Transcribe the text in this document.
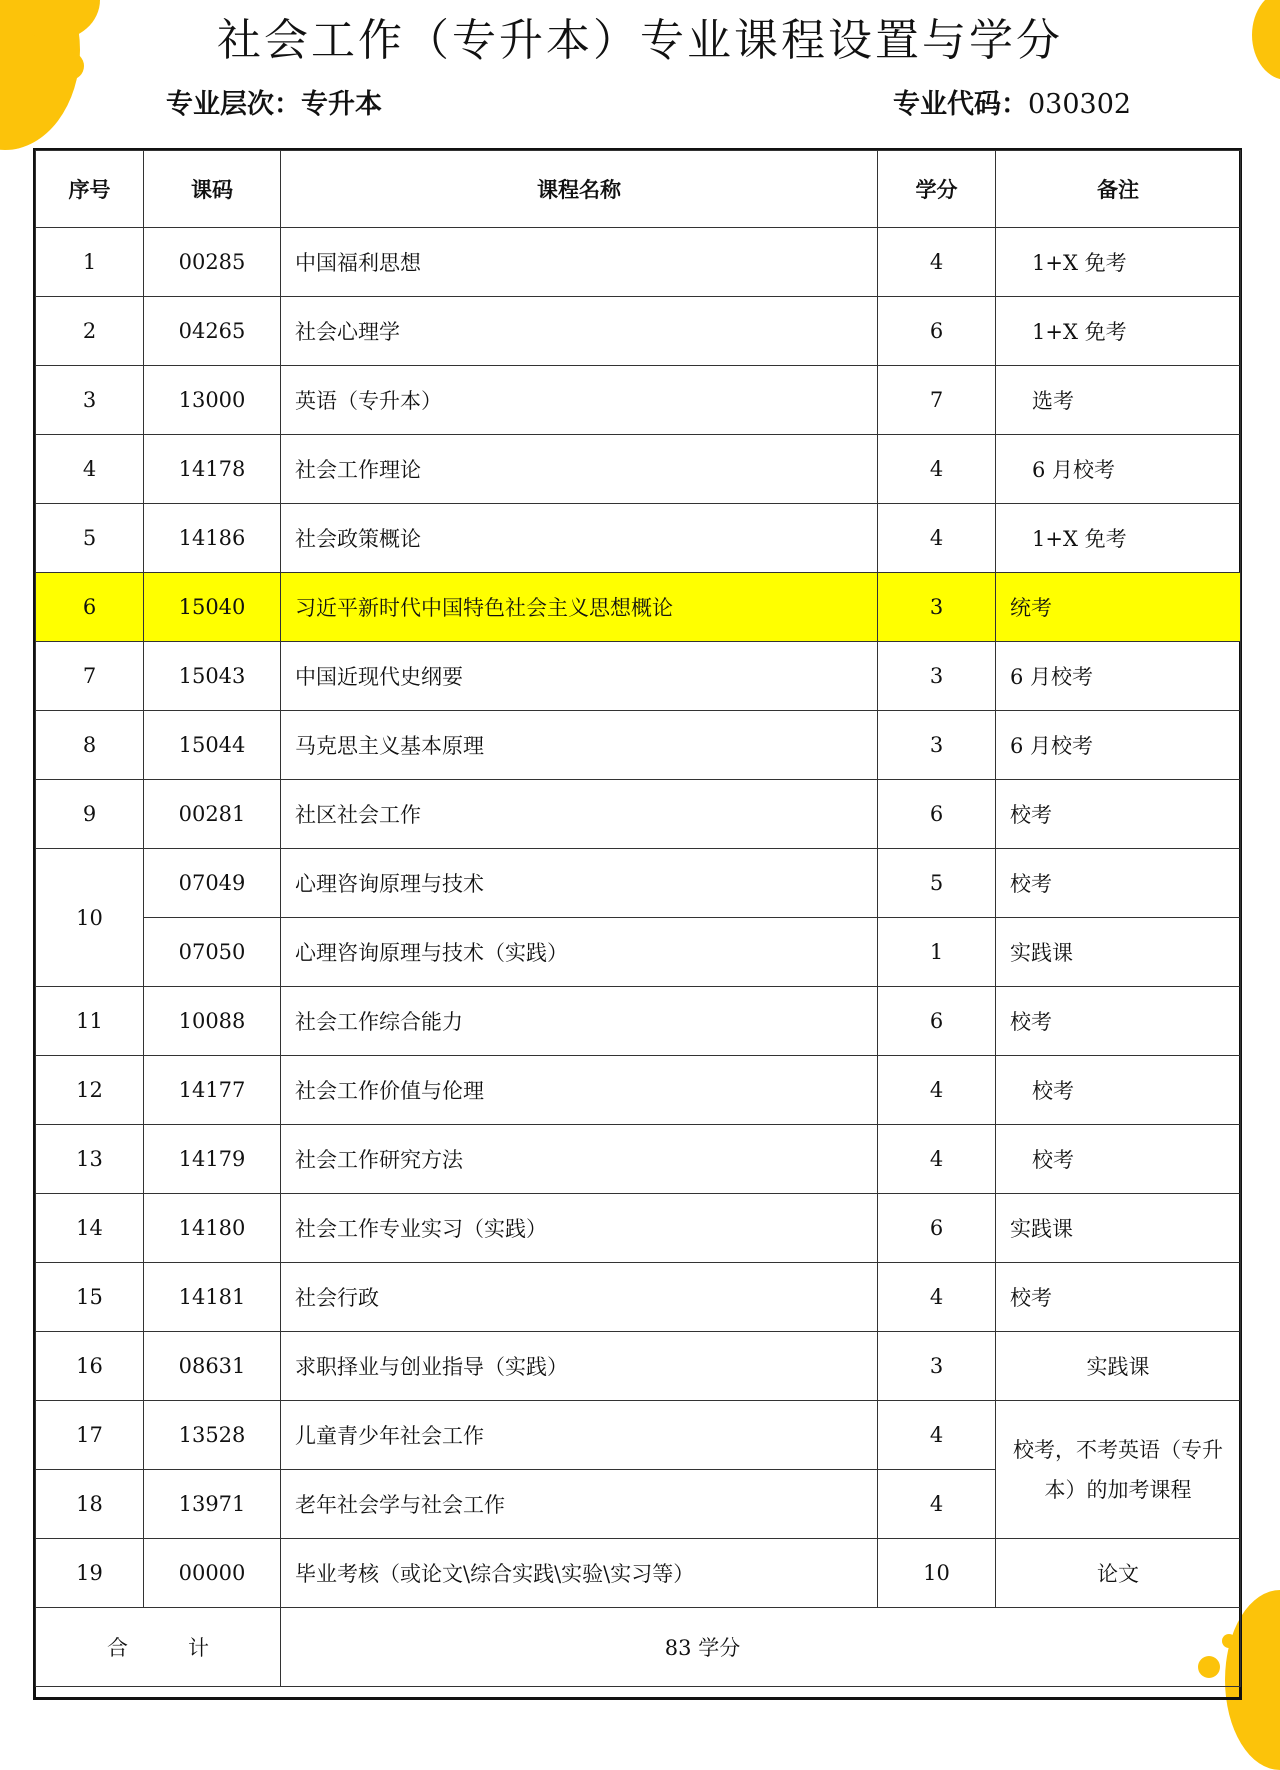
社会工作（专升本）专业课程设置与学分
专业层次：专升本	专业代码：030302
序号	课码	课程名称	学分	备注
1	00285	中国福利思想	4	1+X 免考
2	04265	社会心理学	6	1+X 免考
3	13000	英语（专升本）	7	选考
4	14178	社会工作理论	4	6 月校考
5	14186	社会政策概论	4	1+X 免考
6	15040	习近平新时代中国特色社会主义思想概论	3	统考
7	15043	中国近现代史纲要	3	6 月校考
8	15044	马克思主义基本原理	3	6 月校考
9	00281	社区社会工作	6	校考
10	07049	心理咨询原理与技术	5	校考
	07050	心理咨询原理与技术（实践）	1	实践课
11	10088	社会工作综合能力	6	校考
12	14177	社会工作价值与伦理	4	校考
13	14179	社会工作研究方法	4	校考
14	14180	社会工作专业实习（实践）	6	实践课
15	14181	社会行政	4	校考
16	08631	求职择业与创业指导（实践）	3	实践课
17	13528	儿童青少年社会工作	4	校考，不考英语（专升本）的加考课程
18	13971	老年社会学与社会工作	4	
19	00000	毕业考核（或论文\综合实践\实验\实习等）	10	论文
合 计		83 学分		
